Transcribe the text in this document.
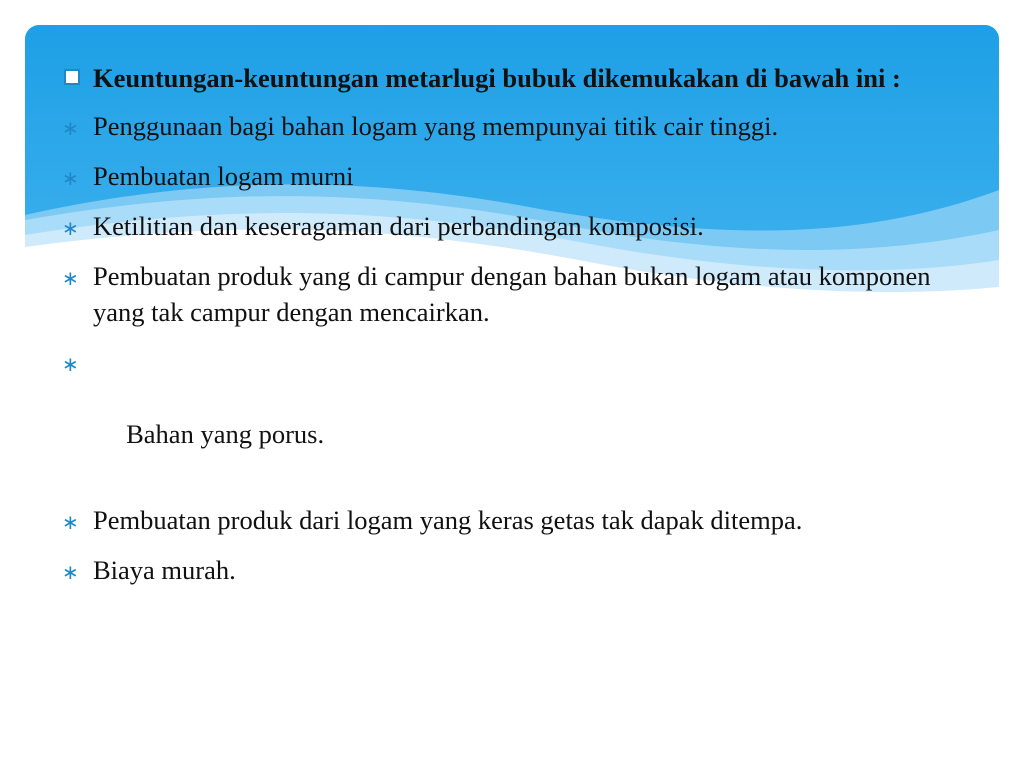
Keuntungan-keuntungan metarlugi bubuk dikemukakan di bawah ini :
∗ Penggunaan bagi bahan logam yang mempunyai titik cair tinggi.
∗ Pembuatan logam murni
∗ Ketilitian dan keseragaman dari perbandingan komposisi.
∗ Pembuatan produk yang di campur dengan bahan bukan logam atau komponen yang tak campur dengan mencairkan.

∗

Bahan yang porus.

∗ Pembuatan produk dari logam yang keras getas tak dapak ditempa.
∗ Biaya murah.
